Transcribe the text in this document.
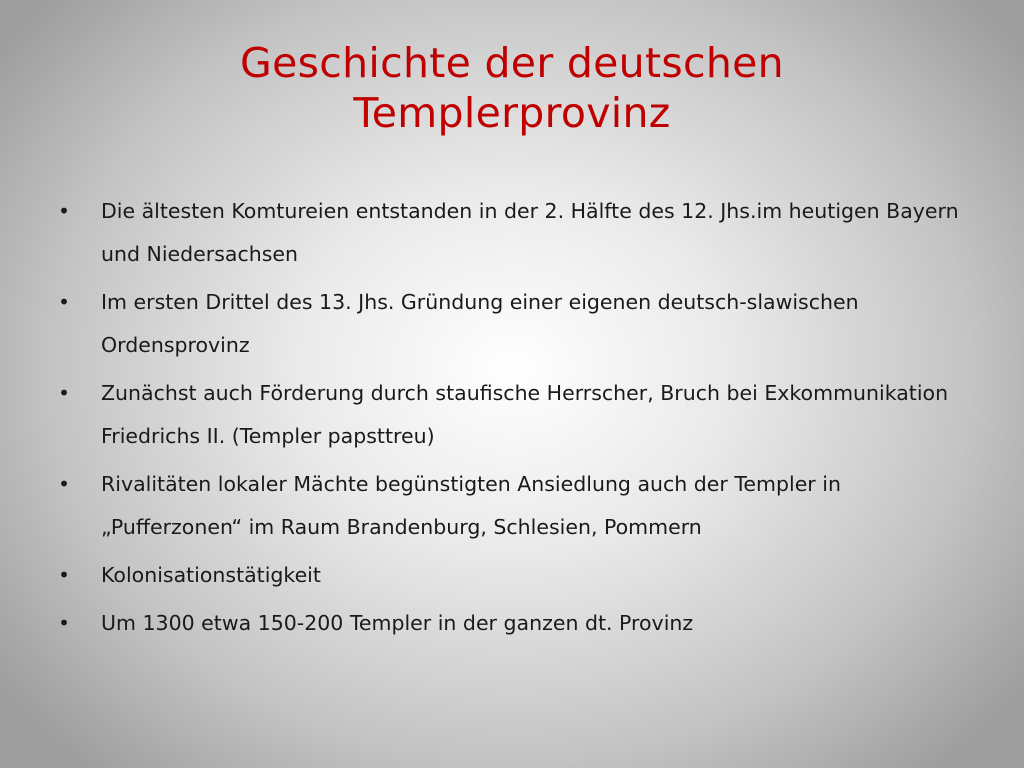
Geschichte der deutschen
Templerprovinz
• Die ältesten Komtureien entstanden in der 2. Hälfte des 12. Jhs.im heutigen Bayern und Niedersachsen
• Im ersten Drittel des 13. Jhs. Gründung einer eigenen deutsch-slawischen Ordensprovinz
• Zunächst auch Förderung durch staufische Herrscher, Bruch bei Exkommunikation Friedrichs II. (Templer papsttreu)
• Rivalitäten lokaler Mächte begünstigten Ansiedlung auch der Templer in „Pufferzonen“ im Raum Brandenburg, Schlesien, Pommern
• Kolonisationstätigkeit
• Um 1300 etwa 150-200 Templer in der ganzen dt. Provinz
